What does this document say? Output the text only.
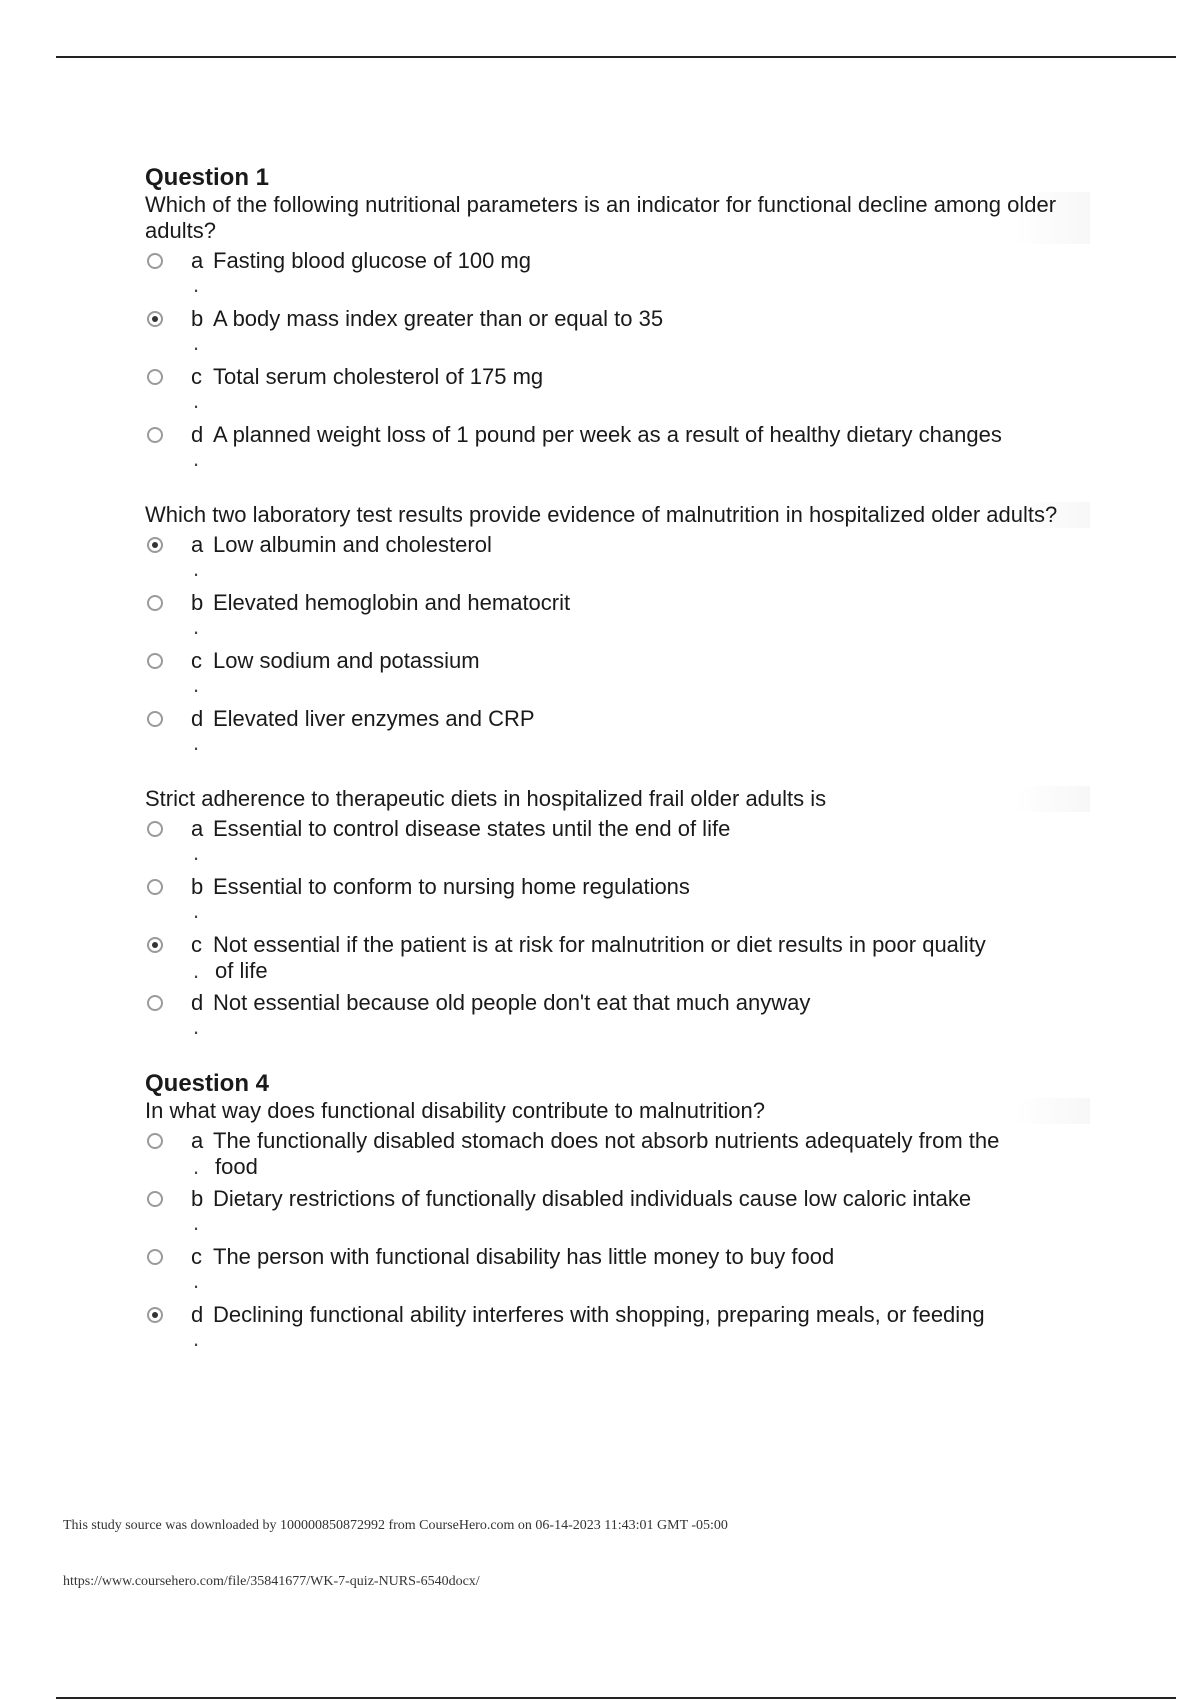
Question 1

Which of the following nutritional parameters is an indicator for functional decline among older adults?

a Fasting blood glucose of 100 mg
.
b A body mass index greater than or equal to 35
.
c Total serum cholesterol of 175 mg
.
d A planned weight loss of 1 pound per week as a result of healthy dietary changes
.

Which two laboratory test results provide evidence of malnutrition in hospitalized older adults?

a Low albumin and cholesterol
.
b Elevated hemoglobin and hematocrit
.
c Low sodium and potassium
.
d Elevated liver enzymes and CRP
.

Strict adherence to therapeutic diets in hospitalized frail older adults is

a Essential to control disease states until the end of life
.
b Essential to conform to nursing home regulations
.
c Not essential if the patient is at risk for malnutrition or diet results in poor quality
. of life
d Not essential because old people don't eat that much anyway
.
Question 4

In what way does functional disability contribute to malnutrition?

a The functionally disabled stomach does not absorb nutrients adequately from the
. food
b Dietary restrictions of functionally disabled individuals cause low caloric intake
.
c The person with functional disability has little money to buy food
.
d Declining functional ability interferes with shopping, preparing meals, or feeding
.
This study source was downloaded by 100000850872992 from CourseHero.com on 06-14-2023 11:43:01 GMT -05:00
https://www.coursehero.com/file/35841677/WK-7-quiz-NURS-6540docx/
